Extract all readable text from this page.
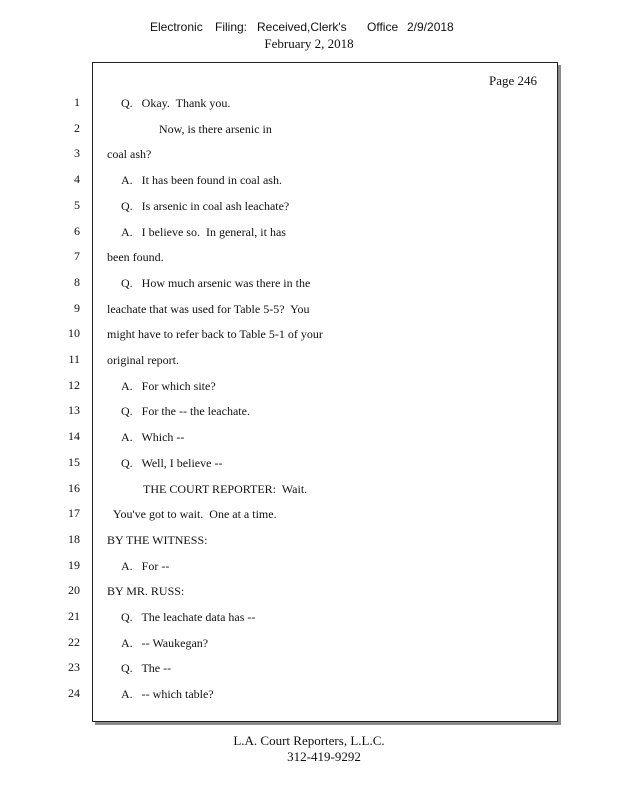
Electronic Filing: Received,Clerk's Office 2/9/2018
February 2, 2018
1
2
3
4
5
6
7
8
9
10
11
12
13
14
15
16
17
18
19
20
21
22
23
24
Page 246
Q.   Okay.  Thank you.
Now, is there arsenic in
coal ash?
A.   It has been found in coal ash.
Q.   Is arsenic in coal ash leachate?
A.   I believe so.  In general, it has
been found.
Q.   How much arsenic was there in the
leachate that was used for Table 5-5?  You
might have to refer back to Table 5-1 of your
original report.
A.   For which site?
Q.   For the -- the leachate.
A.   Which --
Q.   Well, I believe --
THE COURT REPORTER:  Wait.
You've got to wait.  One at a time.
BY THE WITNESS:
A.   For --
BY MR. RUSS:
Q.   The leachate data has --
A.   -- Waukegan?
Q.   The --
A.   -- which table?
L.A. Court Reporters, L.L.C.
312-419-9292
